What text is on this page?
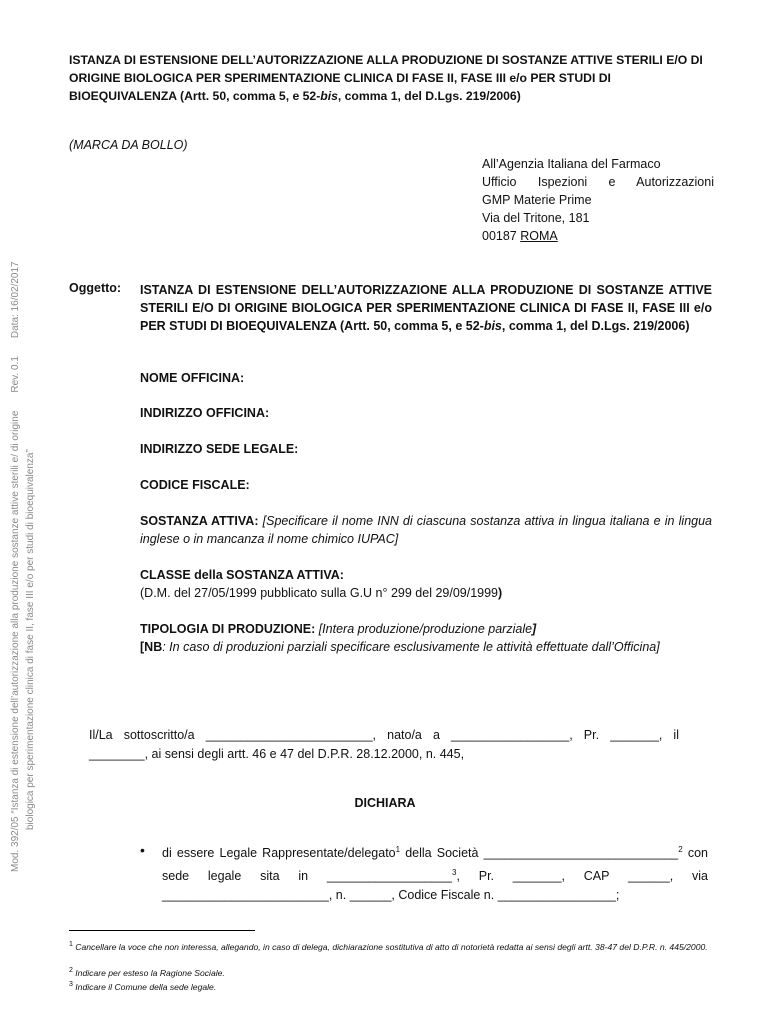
ISTANZA DI ESTENSIONE DELL’AUTORIZZAZIONE ALLA PRODUZIONE DI SOSTANZE ATTIVE STERILI E/O DI ORIGINE BIOLOGICA PER SPERIMENTAZIONE CLINICA DI FASE II, FASE III e/o PER STUDI DI BIOEQUIVALENZA (Artt. 50, comma 5, e 52-bis, comma 1, del D.Lgs. 219/2006)
(MARCA DA BOLLO)
All’Agenzia Italiana del Farmaco
Ufficio Ispezioni e Autorizzazioni
GMP Materie Prime
Via del Tritone, 181
00187 ROMA
Mod. 392/05 “Istanza di estensione dell’autorizzazione alla produzione sostanze attive sterili e/ di origineRev. 0.1Data: 16/02/2017
biologica per sperimentazione clinica di fase II, fase III e/o per studi di bioequivalenza”
Oggetto: ISTANZA DI ESTENSIONE DELL’AUTORIZZAZIONE ALLA PRODUZIONE DI SOSTANZE ATTIVE STERILI E/O DI ORIGINE BIOLOGICA PER SPERIMENTAZIONE CLINICA DI FASE II, FASE III e/o PER STUDI DI BIOEQUIVALENZA (Artt. 50, comma 5, e 52-bis, comma 1, del D.Lgs. 219/2006)
NOME OFFICINA:
INDIRIZZO OFFICINA:
INDIRIZZO SEDE LEGALE:
CODICE FISCALE:
SOSTANZA ATTIVA: [Specificare il nome INN di ciascuna sostanza attiva in lingua italiana e in lingua inglese o in mancanza il nome chimico IUPAC]
CLASSE della SOSTANZA ATTIVA:
(D.M. del 27/05/1999 pubblicato sulla G.U n° 299 del 29/09/1999)
TIPOLOGIA DI PRODUZIONE: [Intera produzione/produzione parziale]
[NB: In caso di produzioni parziali specificare esclusivamente le attività effettuate dall’Officina]
Il/La sottoscritto/a ________________________, nato/a a _________________, Pr. _______, il ________, ai sensi degli artt. 46 e 47 del D.P.R. 28.12.2000, n. 445,
DICHIARA
• di essere Legale Rappresentate/delegato$^1$ della Società ____________________________$^2$ con sede legale sita in __________________$^3$, Pr. _______, CAP ______, via ________________________, n. ______, Codice Fiscale n. _________________;
$^1$ Cancellare la voce che non interessa, allegando, in caso di delega, dichiarazione sostitutiva di atto di notorietà redatta ai sensi degli artt. 38-47 del D.P.R. n. 445/2000.
$^2$ Indicare per esteso la Ragione Sociale.
$^3$ Indicare il Comune della sede legale.
